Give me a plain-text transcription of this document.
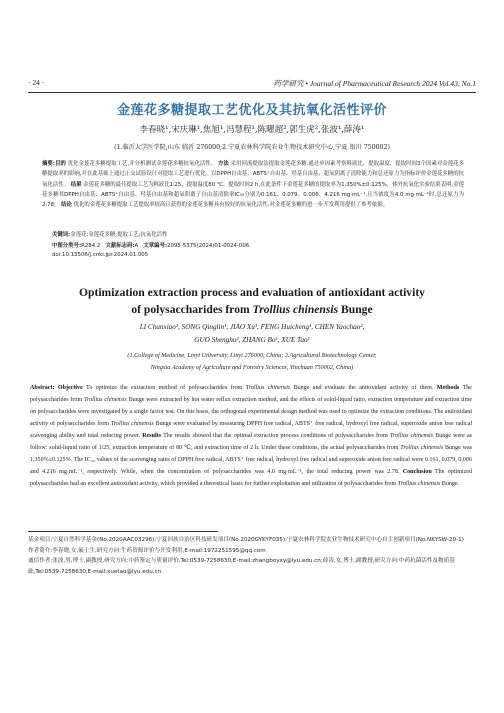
· 24 ·	药学研究 • Journal of Pharmaceutical Research 2024 Vol.43, No.1
金莲花多糖提取工艺优化及其抗氧化活性评价
李春晓¹,宋庆琳¹,焦旭¹,冯慧程¹,陈曜超²,郭生虎²,张波¹,薛涛¹
(1.临沂大学医学院,山东 临沂 276000;2.宁夏农林科学院农业生物技术研究中心,宁夏 银川 750002)
摘要:目的 优化金莲花多糖提取工艺,并分析测试金莲花多糖抗氧化活性。 方法 采用回流提取法提取金莲花多糖,通过单因素考察料液比、提取温度、提取时间3个因素对金莲花多糖提取率的影响,并在此基础上通过正交试验设计对提取工艺进行优化。以DPPH自由基、ABTS⁺自由基、羟基自由基、超氧阴离子清除能力和总还原力为指标评价金莲花多糖的抗氧化活性。 结果 金莲花多糖的最佳提取工艺为料液比1∶25、提取温度80 ℃、提取时间2 h,在此条件下金莲花多糖的提取率为1.350%±0.125%。体外抗氧化实验结果表明,金莲花多糖其DPPH自由基、ABTS⁺自由基、羟基自由基和超氧阴离子自由基清除率IC₅₀分别为0.161、0.079、0.006、4.216 mg·mL⁻¹,且当浓度为4.0 mg·mL⁻¹时,总还原力为2.78。 结论 优化的金莲花多糖提取工艺提取率较高且获得的金莲花多糖具有较好的抗氧化活性,对金莲花多糖的进一步开发利用提供了参考依据。
关键词:金莲花;金莲花多糖;提取工艺;抗氧化活性
中图分类号:R284.2 文献标志码:A 文章编号:2095-5375(2024)01-0024-006
doi:10.13506/j.cnki.jpr.2024.01.005
Optimization extraction process and evaluation of antioxidant activity
of polysaccharides from Trollius chinensis Bunge
LI Chunxiao¹, SONG Qinglin¹, JIAO Xu¹, FENG Huicheng¹, CHEN Yaochao²,
GUO Shenghu², ZHANG Bo¹, XUE Tao¹
(1.College of Medicine, Linyi University, Linyi 276000, China; 2.Agricultural Biotechnology Center,
Ningxia Academy of Agriculture and Forestry Sciences, Yinchuan 750002, China)
Abstract: Objective To optimize the extraction method of polysaccharides from Trollius chinensis Bunge and evaluate the antioxidant activity of them. Methods The polysaccharides from Trollius chinensis Bunge were extracted by hot water reflux extraction method, and the effects of solid-liquid ratio, extraction temperature and extraction time on polysaccharides were investigated by a single factor test. On this basis, the orthogonal experimental design method was used to optimize the extraction conditions. The antioxidant activity of polysaccharides from Trollius chinensis Bunge were evaluated by measuring DPPH free radical, ABTS⁺ free radical, hydroxyl free radical, superoxide anion free radical scavenging ability and total reducing power. Results The results showed that the optimal extraction process conditions of polysaccharides from Trollius chinensis Bunge were as follow: solid-liquid ratio of 1∶25, extraction temperature of 80 ℃, and extraction time of 2 h. Under these conditions, the actual polysaccharides from Trollius chinensis Bunge was 1.350%±0.125%. The IC₅₀ values of the scavenging rates of DPPH free radical, ABTS⁺ free radical, hydroxyl free radical and superoxide anion free radical were 0.161, 0.079, 0.006 and 4.216 mg·mL⁻¹, respectively. While, when the concentration of polysaccharides was 4.0 mg·mL⁻¹, the total reducing power was 2.78. Conclusion The optimized polysaccharides had an excellent antioxidant activity, which provided a theoretical basis for further exploitation and utilization of polysaccharides from Trollius chinensis Bunge.
基金项目:宁夏自然科学基金(No.2020AAC03296);宁夏回族自治区科技研发项目(No.2020GYKYF035);宁夏农林科学院农业生物技术研究中心自主创新项目(No.NKYSW-20-1)
作者简介:李春晓,女,硕士生,研究方向:生药资源评价与开发利用,E-mail:1972251595@qq.com
通信作者:张波,男,博士,副教授,研究方向:中药鉴定与质量评价,Tel:0539-7258630,E-mail:zhangboyxy@lyu.edu.cn;薛涛,女,博士,副教授,研究方向:中药抗菌活性及物质基础,Tel:0539-7258630,E-mail:xuetao@lyu.edu.cn
